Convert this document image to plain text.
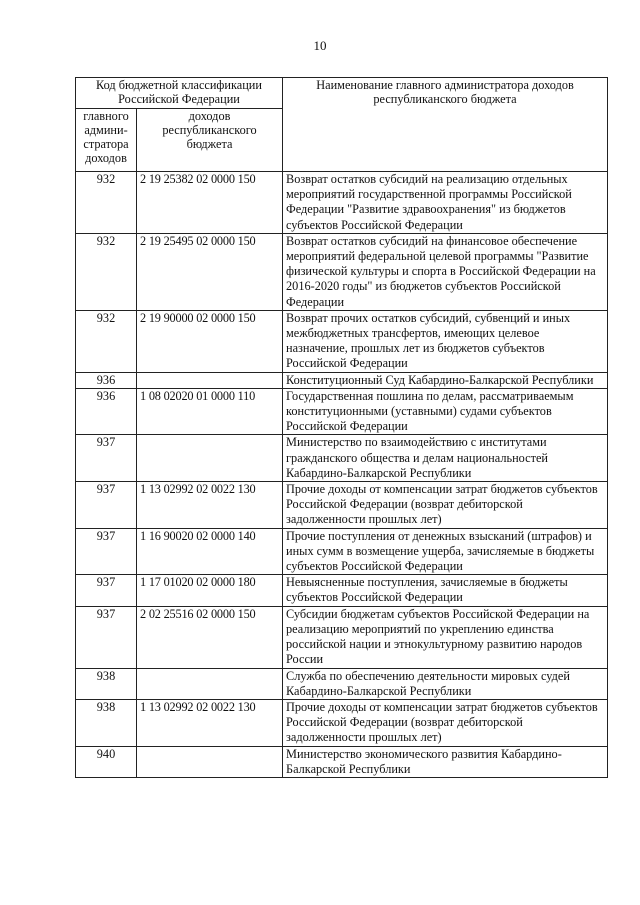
10
Код бюджетной классификации Российской Федерации		Наименование главного администратора доходов республиканского бюджета
главного админи-стратора доходов	доходов республиканского бюджета	
932	2 19 25382 02 0000 150	Возврат остатков субсидий на реализацию отдельных мероприятий государственной программы Российской Федерации "Развитие здравоохранения" из бюджетов субъектов Российской Федерации
932	2 19 25495 02 0000 150	Возврат остатков субсидий на финансовое обеспечение мероприятий федеральной целевой программы "Развитие физической культуры и спорта в Российской Федерации на 2016-2020 годы" из бюджетов субъектов Российской Федерации
932	2 19 90000 02 0000 150	Возврат прочих остатков субсидий, субвенций и иных межбюджетных трансфертов, имеющих целевое назначение, прошлых лет из бюджетов субъектов Российской Федерации
936		Конституционный Суд Кабардино-Балкарской Республики
936	1 08 02020 01 0000 110	Государственная пошлина по делам, рассматриваемым конституционными (уставными) судами субъектов Российской Федерации
937		Министерство по взаимодействию с институтами гражданского общества и делам национальностей Кабардино-Балкарской Республики
937	1 13 02992 02 0022 130	Прочие доходы от компенсации затрат бюджетов субъектов Российской Федерации (возврат дебиторской задолженности прошлых лет)
937	1 16 90020 02 0000 140	Прочие поступления от денежных взысканий (штрафов) и иных сумм в возмещение ущерба, зачисляемые в бюджеты субъектов Российской Федерации
937	1 17 01020 02 0000 180	Невыясненные поступления, зачисляемые в бюджеты субъектов Российской Федерации
937	2 02 25516 02 0000 150	Субсидии бюджетам субъектов Российской Федерации на реализацию мероприятий по укреплению единства российской нации и этнокультурному развитию народов России
938		Служба по обеспечению деятельности мировых судей Кабардино-Балкарской Республики
938	1 13 02992 02 0022 130	Прочие доходы от компенсации затрат бюджетов субъектов Российской Федерации (возврат дебиторской задолженности прошлых лет)
940		Министерство экономического развития Кабардино-Балкарской Республики
